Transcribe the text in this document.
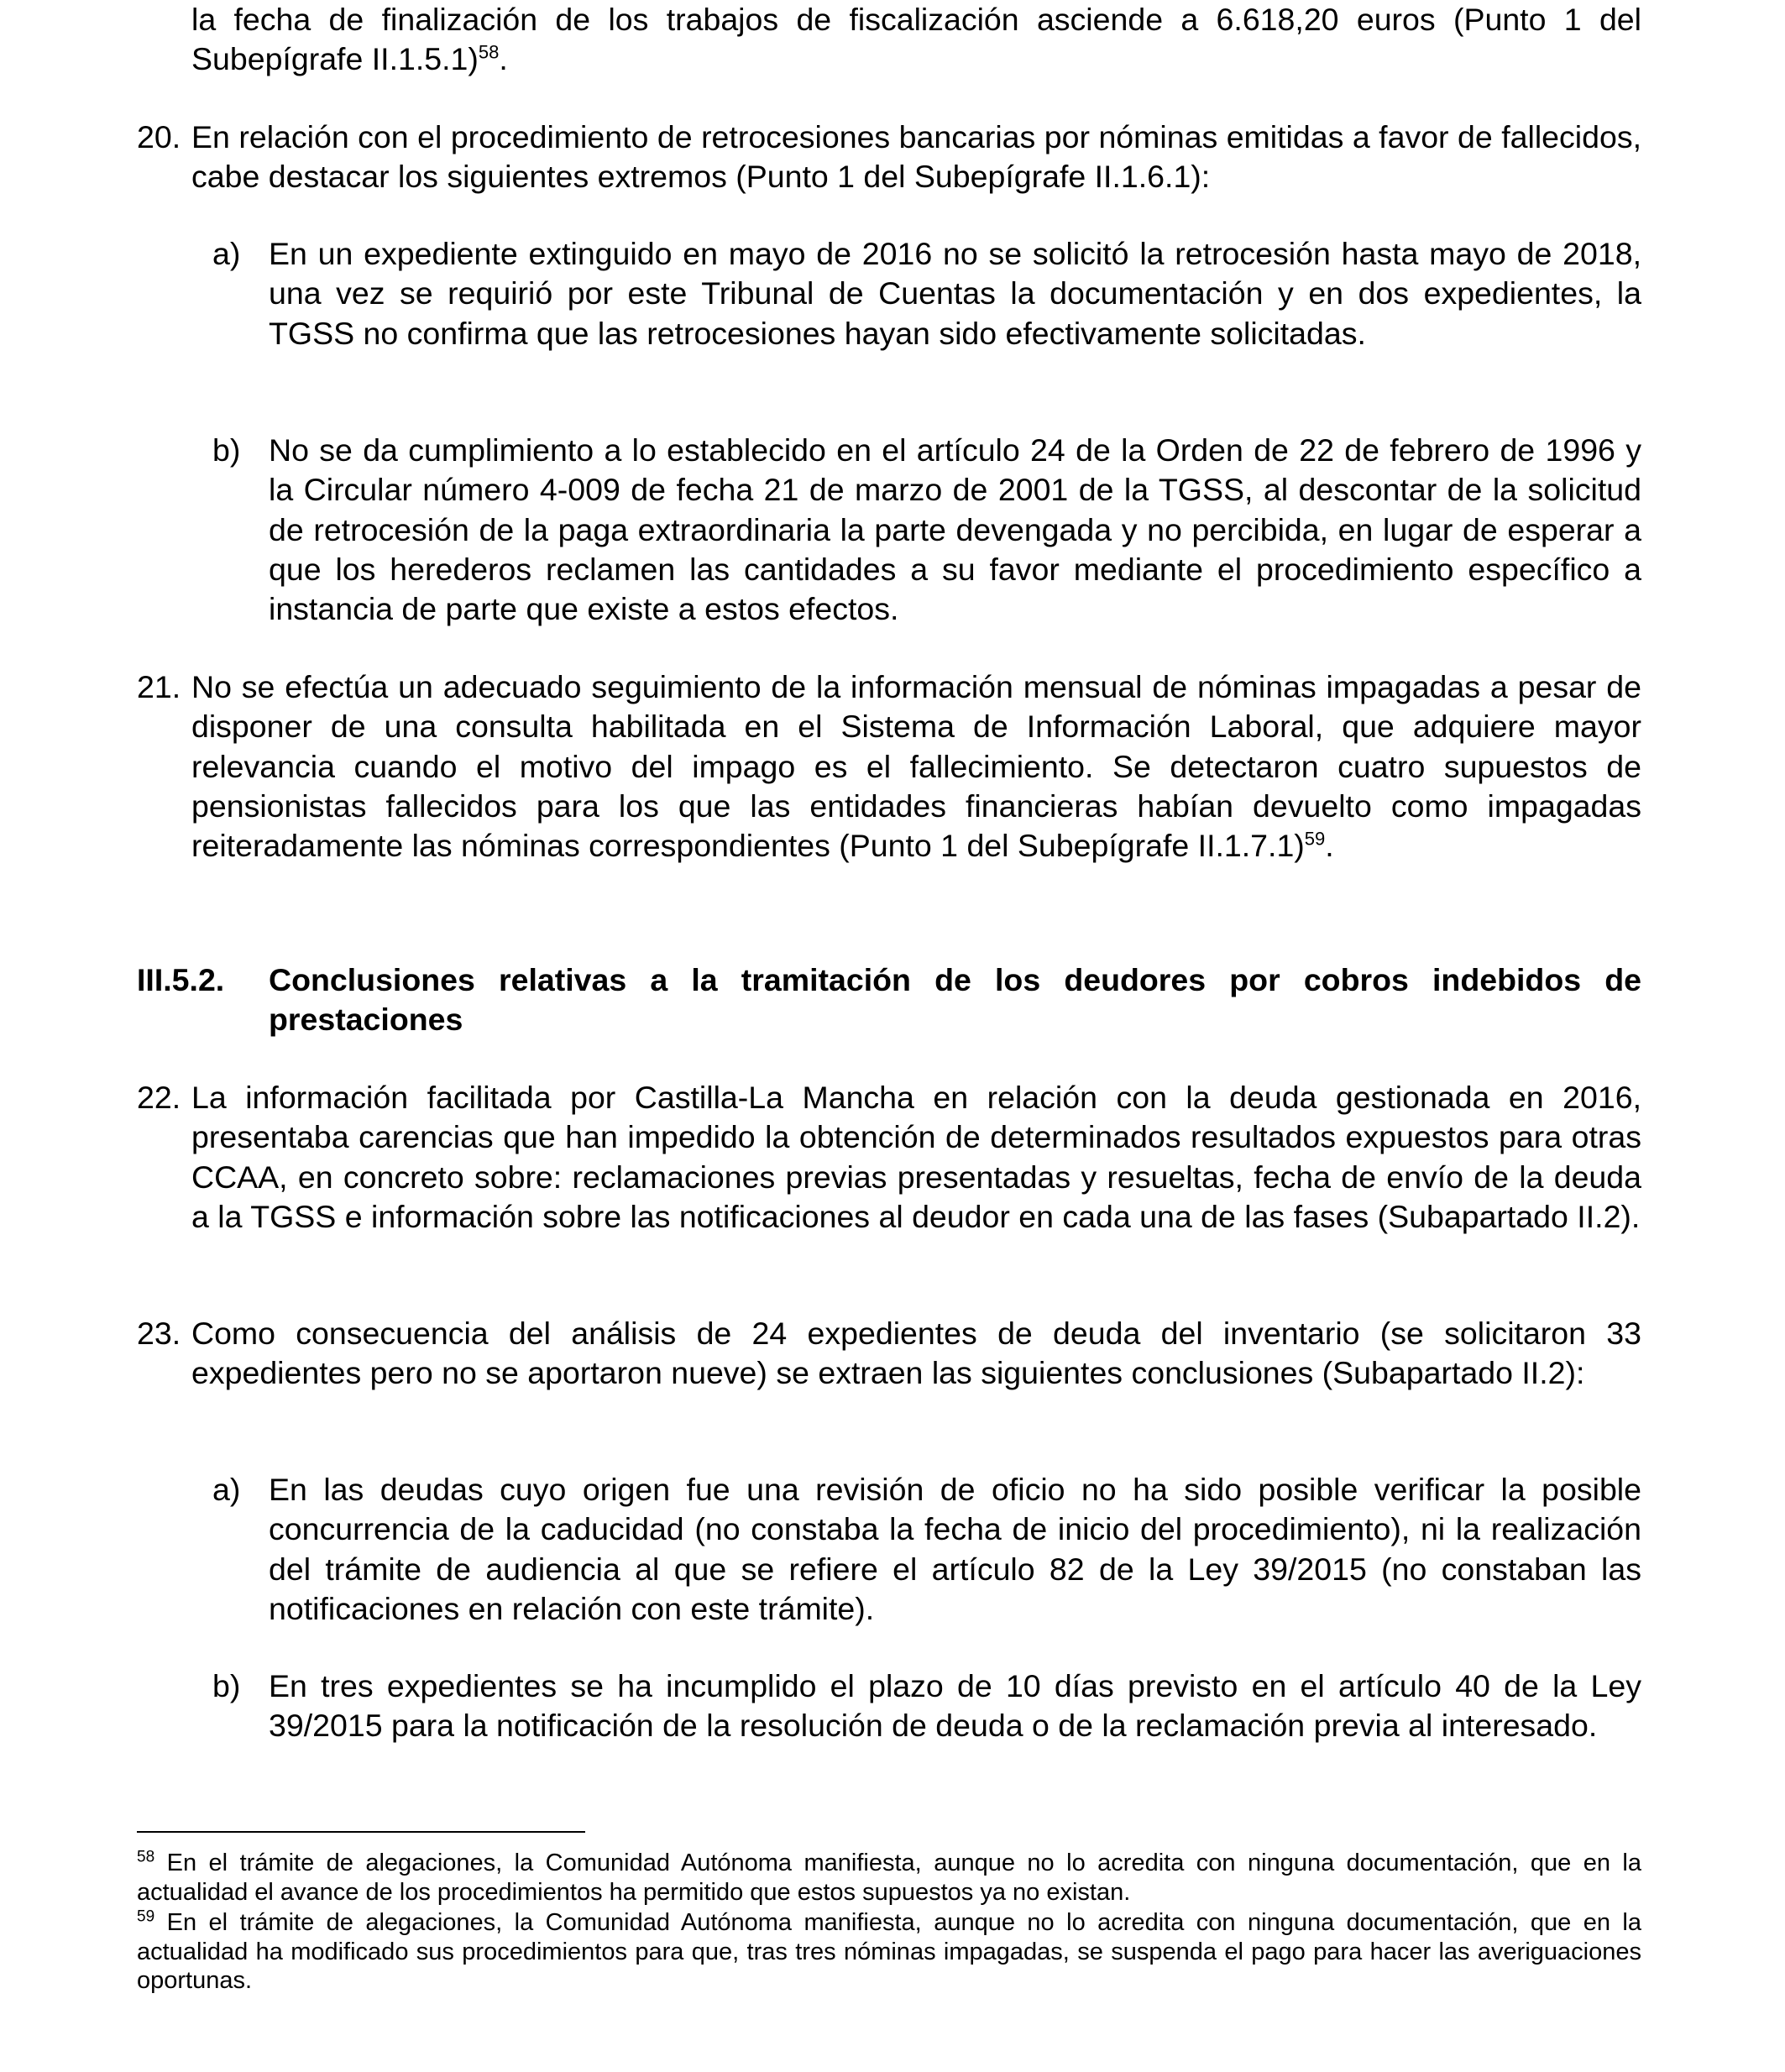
la fecha de finalización de los trabajos de fiscalización asciende a 6.618,20 euros (Punto 1 del Subepígrafe II.1.5.1)$^{58}$.
20. En relación con el procedimiento de retrocesiones bancarias por nóminas emitidas a favor de fallecidos, cabe destacar los siguientes extremos (Punto 1 del Subepígrafe II.1.6.1):
a) En un expediente extinguido en mayo de 2016 no se solicitó la retrocesión hasta mayo de 2018, una vez se requirió por este Tribunal de Cuentas la documentación y en dos expedientes, la TGSS no confirma que las retrocesiones hayan sido efectivamente solicitadas.
b) No se da cumplimiento a lo establecido en el artículo 24 de la Orden de 22 de febrero de 1996 y la Circular número 4-009 de fecha 21 de marzo de 2001 de la TGSS, al descontar de la solicitud de retrocesión de la paga extraordinaria la parte devengada y no percibida, en lugar de esperar a que los herederos reclamen las cantidades a su favor mediante el procedimiento específico a instancia de parte que existe a estos efectos.
21. No se efectúa un adecuado seguimiento de la información mensual de nóminas impagadas a pesar de disponer de una consulta habilitada en el Sistema de Información Laboral, que adquiere mayor relevancia cuando el motivo del impago es el fallecimiento. Se detectaron cuatro supuestos de pensionistas fallecidos para los que las entidades financieras habían devuelto como impagadas reiteradamente las nóminas correspondientes (Punto 1 del Subepígrafe II.1.7.1)$^{59}$.
III.5.2. Conclusiones relativas a la tramitación de los deudores por cobros indebidos de prestaciones
22. La información facilitada por Castilla-La Mancha en relación con la deuda gestionada en 2016, presentaba carencias que han impedido la obtención de determinados resultados expuestos para otras CCAA, en concreto sobre: reclamaciones previas presentadas y resueltas, fecha de envío de la deuda a la TGSS e información sobre las notificaciones al deudor en cada una de las fases (Subapartado II.2).
23. Como consecuencia del análisis de 24 expedientes de deuda del inventario (se solicitaron 33 expedientes pero no se aportaron nueve) se extraen las siguientes conclusiones (Subapartado II.2):
a) En las deudas cuyo origen fue una revisión de oficio no ha sido posible verificar la posible concurrencia de la caducidad (no constaba la fecha de inicio del procedimiento), ni la realización del trámite de audiencia al que se refiere el artículo 82 de la Ley 39/2015 (no constaban las notificaciones en relación con este trámite).
b) En tres expedientes se ha incumplido el plazo de 10 días previsto en el artículo 40 de la Ley 39/2015 para la notificación de la resolución de deuda o de la reclamación previa al interesado.
$^{58}$ En el trámite de alegaciones, la Comunidad Autónoma manifiesta, aunque no lo acredita con ninguna documentación, que en la actualidad el avance de los procedimientos ha permitido que estos supuestos ya no existan.
$^{59}$ En el trámite de alegaciones, la Comunidad Autónoma manifiesta, aunque no lo acredita con ninguna documentación, que en la actualidad ha modificado sus procedimientos para que, tras tres nóminas impagadas, se suspenda el pago para hacer las averiguaciones oportunas.
